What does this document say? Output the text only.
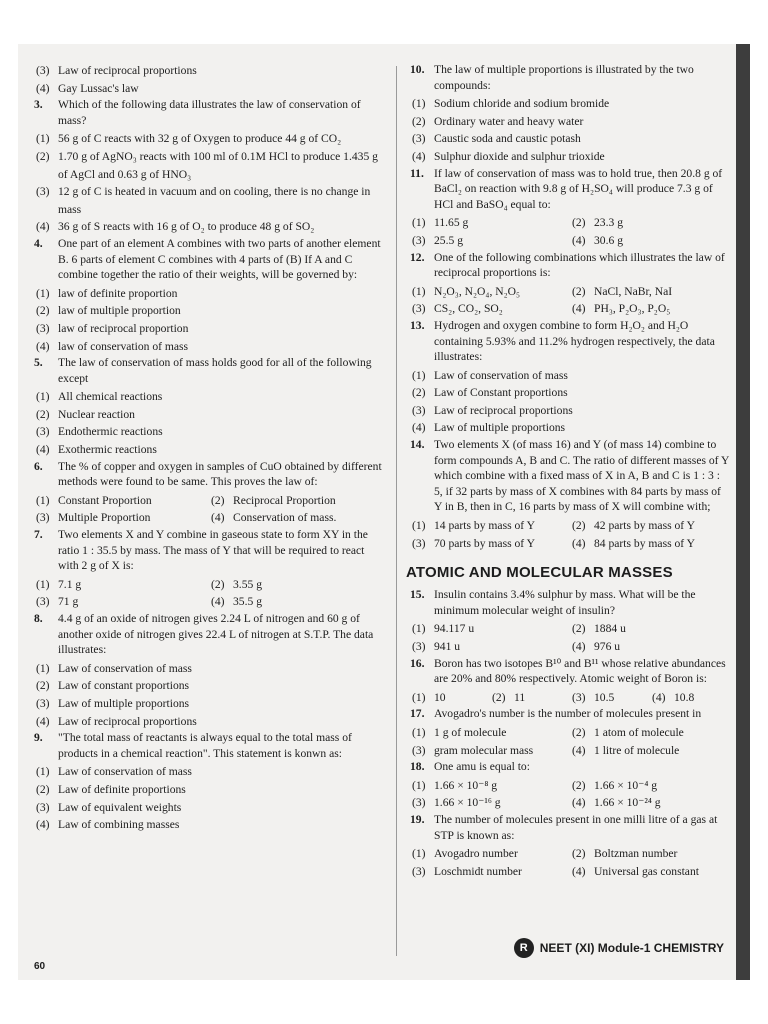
(3) Law of reciprocal proportions
(4) Gay Lussac's law
3. Which of the following data illustrates the law of conservation of mass?
(1) 56 g of C reacts with 32 g of Oxygen to produce 44 g of CO₂
(2) 1.70 g of AgNO₃ reacts with 100 ml of 0.1M HCl to produce 1.435 g of AgCl and 0.63 g of HNO₃
(3) 12 g of C is heated in vacuum and on cooling, there is no change in mass
(4) 36 g of S reacts with 16 g of O₂ to produce 48 g of SO₂
4. One part of an element A combines with two parts of another element B. 6 parts of element C combines with 4 parts of (B) If A and C combine together the ratio of their weights, will be governed by:
(1) law of definite proportion
(2) law of multiple proportion
(3) law of reciprocal proportion
(4) law of conservation of mass
5. The law of conservation of mass holds good for all of the following except
(1) All chemical reactions
(2) Nuclear reaction
(3) Endothermic reactions
(4) Exothermic reactions
6. The % of copper and oxygen in samples of CuO obtained by different methods were found to be same. This proves the law of:
(1) Constant Proportion	(2) Reciprocal Proportion
(3) Multiple Proportion	(4) Conservation of mass.
7. Two elements X and Y combine in gaseous state to form XY in the ratio 1 : 35.5 by mass. The mass of Y that will be required to react with 2 g of X is:
(1) 7.1 g	(2) 3.55 g
(3) 71 g	(4) 35.5 g
8. 4.4 g of an oxide of nitrogen gives 2.24 L of nitrogen and 60 g of another oxide of nitrogen gives 22.4 L of nitrogen at S.T.P. The data illustrates:
(1) Law of conservation of mass
(2) Law of constant proportions
(3) Law of multiple proportions
(4) Law of reciprocal proportions
9. "The total mass of reactants is always equal to the total mass of products in a chemical reaction". This statement is konwn as:
(1) Law of conservation of mass
(2) Law of definite proportions
(3) Law of equivalent weights
(4) Law of combining masses
10. The law of multiple proportions is illustrated by the two compounds:
(1) Sodium chloride and sodium bromide
(2) Ordinary water and heavy water
(3) Caustic soda and caustic potash
(4) Sulphur dioxide and sulphur trioxide
11. If law of conservation of mass was to hold true, then 20.8 g of BaCl₂ on reaction with 9.8 g of H₂SO₄ will produce 7.3 g of HCl and BaSO₄ equal to:
(1) 11.65 g	(2) 23.3 g
(3) 25.5 g	(4) 30.6 g
12. One of the following combinations which illustrates the law of reciprocal proportions is:
(1) N₂O₃, N₂O₄, N₂O₅	(2) NaCl, NaBr, NaI
(3) CS₂, CO₂, SO₂	(4) PH₃, P₂O₃, P₂O₅
13. Hydrogen and oxygen combine to form H₂O₂ and H₂O containing 5.93% and 11.2% hydrogen respectively, the data illustrates:
(1) Law of conservation of mass
(2) Law of Constant proportions
(3) Law of reciprocal proportions
(4) Law of multiple proportions
14. Two elements X (of mass 16) and Y (of mass 14) combine to form compounds A, B and C. The ratio of different masses of Y which combine with a fixed mass of X in A, B and C is 1 : 3 : 5, if 32 parts by mass of X combines with 84 parts by mass of Y in B, then in C, 16 parts by mass of X will combine with;
(1) 14 parts by mass of Y	(2) 42 parts by mass of Y
(3) 70 parts by mass of Y	(4) 84 parts by mass of Y
ATOMIC AND MOLECULAR MASSES
15. Insulin contains 3.4% sulphur by mass. What will be the minimum molecular weight of insulin?
(1) 94.117 u	(2) 1884 u
(3) 941 u	(4) 976 u
16. Boron has two isotopes B¹⁰ and B¹¹ whose relative abundances are 20% and 80% respectively. Atomic weight of Boron is:
(1) 10	(2) 11	(3) 10.5	(4) 10.8
17. Avogadro's number is the number of molecules present in
(1) 1 g of molecule	(2) 1 atom of molecule
(3) gram molecular mass	(4) 1 litre of molecule
18. One amu is equal to:
(1) 1.66 × 10⁻⁸ g	(2) 1.66 × 10⁻⁴ g
(3) 1.66 × 10⁻¹⁶ g	(4) 1.66 × 10⁻²⁴ g
19. The number of molecules present in one milli litre of a gas at STP is known as:
(1) Avogadro number	(2) Boltzman number
(3) Loschmidt number	(4) Universal gas constant
R	NEET (XI) Module-1 CHEMISTRY
60
